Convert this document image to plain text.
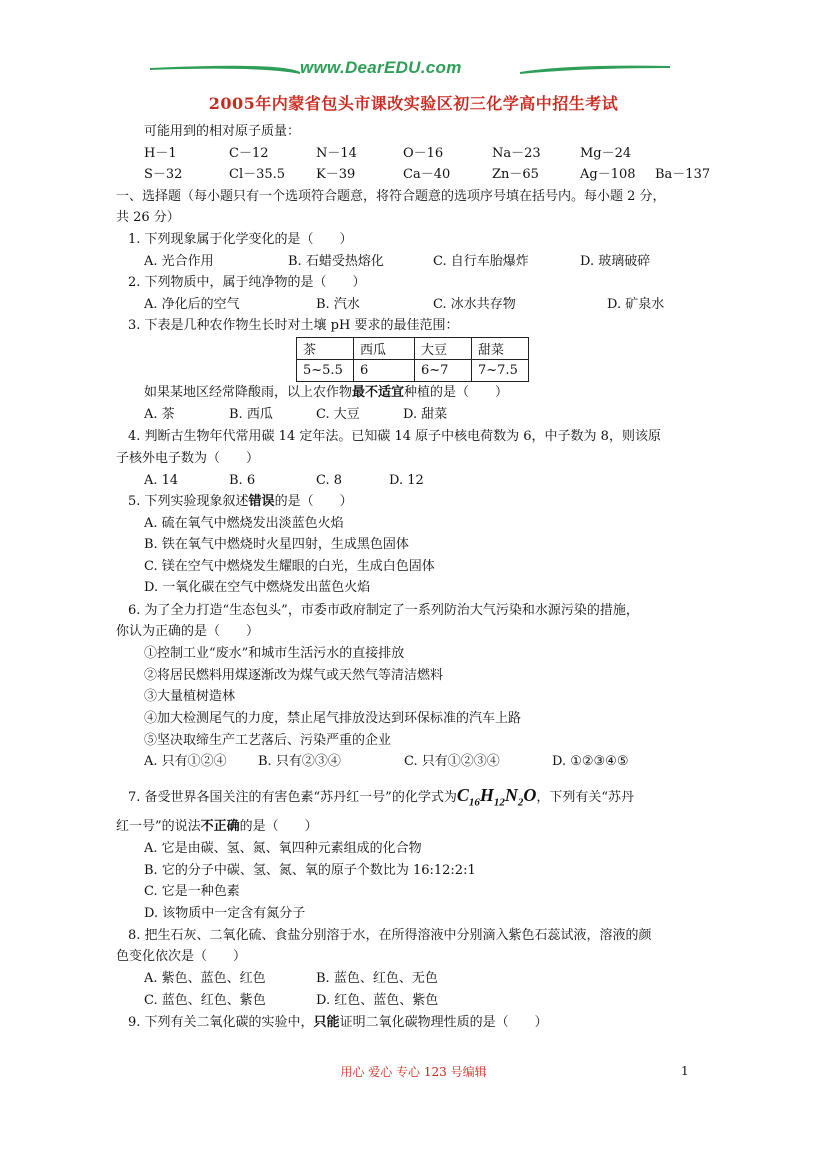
www.DearEDU.com
2005年内蒙省包头市课改实验区初三化学高中招生考试
可能用到的相对原子质量：
H－1	C－12	N－14	O－16	Na－23	Mg－24
S－32	Cl－35.5 K－39	Ca－40	Zn－65	Ag－108 Ba－137
一、选择题（每小题只有一个选项符合题意，将符合题意的选项序号填在括号内。每小题 2 分，
共 26 分）
1. 下列现象属于化学变化的是（　　）
A. 光合作用	B. 石蜡受热熔化	C. 自行车胎爆炸	D. 玻璃破碎
2. 下列物质中，属于纯净物的是（　　）
A. 净化后的空气	B. 汽水	C. 冰水共存物	D. 矿泉水
3. 下表是几种农作物生长时对土壤 pH 要求的最佳范围：
茶	西瓜	大豆	甜菜
5~5.5	6	6~7	7~7.5
如果某地区经常降酸雨，以上农作物最不适宜种植的是（　　）
A. 茶	B. 西瓜	C. 大豆	D. 甜菜
4. 判断古生物年代常用碳 14 定年法。已知碳 14 原子中核电荷数为 6，中子数为 8，则该原
子核外电子数为（　　）
A. 14	B. 6	C. 8	D. 12
5. 下列实验现象叙述错误的是（　　）
A. 硫在氧气中燃烧发出淡蓝色火焰
B. 铁在氧气中燃烧时火星四射，生成黑色固体
C. 镁在空气中燃烧发生耀眼的白光，生成白色固体
D. 一氧化碳在空气中燃烧发出蓝色火焰
6. 为了全力打造“生态包头”，市委市政府制定了一系列防治大气污染和水源污染的措施，
你认为正确的是（　　）
①控制工业“废水”和城市生活污水的直接排放
②将居民燃料用煤逐渐改为煤气或天然气等清洁燃料
③大量植树造林
④加大检测尾气的力度，禁止尾气排放没达到环保标准的汽车上路
⑤坚决取缔生产工艺落后、污染严重的企业
A. 只有①②④ B. 只有②③④	C. 只有①②③④	D. ①②③④⑤
7. 备受世界各国关注的有害色素“苏丹红一号”的化学式为$C_{16}H_{12}N_2O$，下列有关“苏丹
红一号”的说法不正确的是（　　）
A. 它是由碳、氢、氮、氧四种元素组成的化合物
B. 它的分子中碳、氢、氮、氧的原子个数比为 16:12:2:1
C. 它是一种色素
D. 该物质中一定含有氮分子
8. 把生石灰、二氧化硫、食盐分别溶于水，在所得溶液中分别滴入紫色石蕊试液，溶液的颜
色变化依次是（　　）
A. 紫色、蓝色、红色	B. 蓝色、红色、无色
C. 蓝色、红色、紫色	D. 红色、蓝色、紫色
9. 下列有关二氧化碳的实验中，只能证明二氧化碳物理性质的是（　　）
用心 爱心 专心 123 号编辑	1
